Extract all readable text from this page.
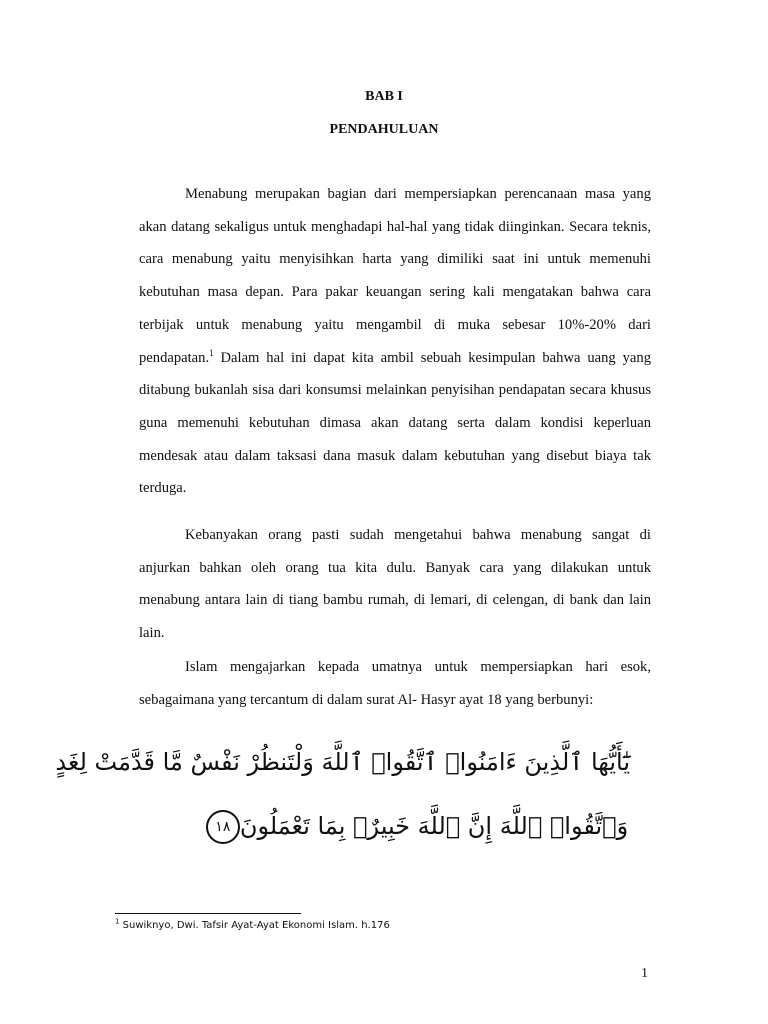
BAB I

PENDAHULUAN

Menabung merupakan bagian dari mempersiapkan perencanaan masa yang akan datang sekaligus untuk menghadapi hal-hal yang tidak diinginkan. Secara teknis, cara menabung yaitu menyisihkan harta yang dimiliki saat ini untuk memenuhi kebutuhan masa depan. Para pakar keuangan sering kali mengatakan bahwa cara terbijak untuk menabung yaitu mengambil di muka sebesar 10%-20% dari pendapatan.$^1$ Dalam hal ini dapat kita ambil sebuah kesimpulan bahwa uang yang ditabung bukanlah sisa dari konsumsi melainkan penyisihan pendapatan secara khusus guna memenuhi kebutuhan dimasa akan datang serta dalam kondisi keperluan mendesak atau dalam taksasi dana masuk dalam kebutuhan yang disebut biaya tak terduga.

Kebanyakan orang pasti sudah mengetahui bahwa menabung sangat di anjurkan bahkan oleh orang tua kita dulu. Banyak cara yang dilakukan untuk menabung antara lain di tiang bambu rumah, di lemari, di celengan, di bank dan lain lain.

Islam mengajarkan kepada umatnya untuk mempersiapkan hari esok, sebagaimana yang tercantum di dalam surat Al- Hasyr ayat 18 yang berbunyi:

يَٰٓأَيُّهَا ٱلَّذِينَ ءَامَنُوا۟ ٱتَّقُوا۟ ٱللَّهَ وَلْتَنظُرْ نَفْسٌ مَّا قَدَّمَتْ لِغَدٍ

وَٱتَّقُوا۟ ٱللَّهَ إِنَّ ٱللَّهَ خَبِيرٌۢ بِمَا تَعْمَلُونَ١٨

$^1$ Suwiknyo, Dwi. Tafsir Ayat-Ayat Ekonomi Islam. h.176

1
